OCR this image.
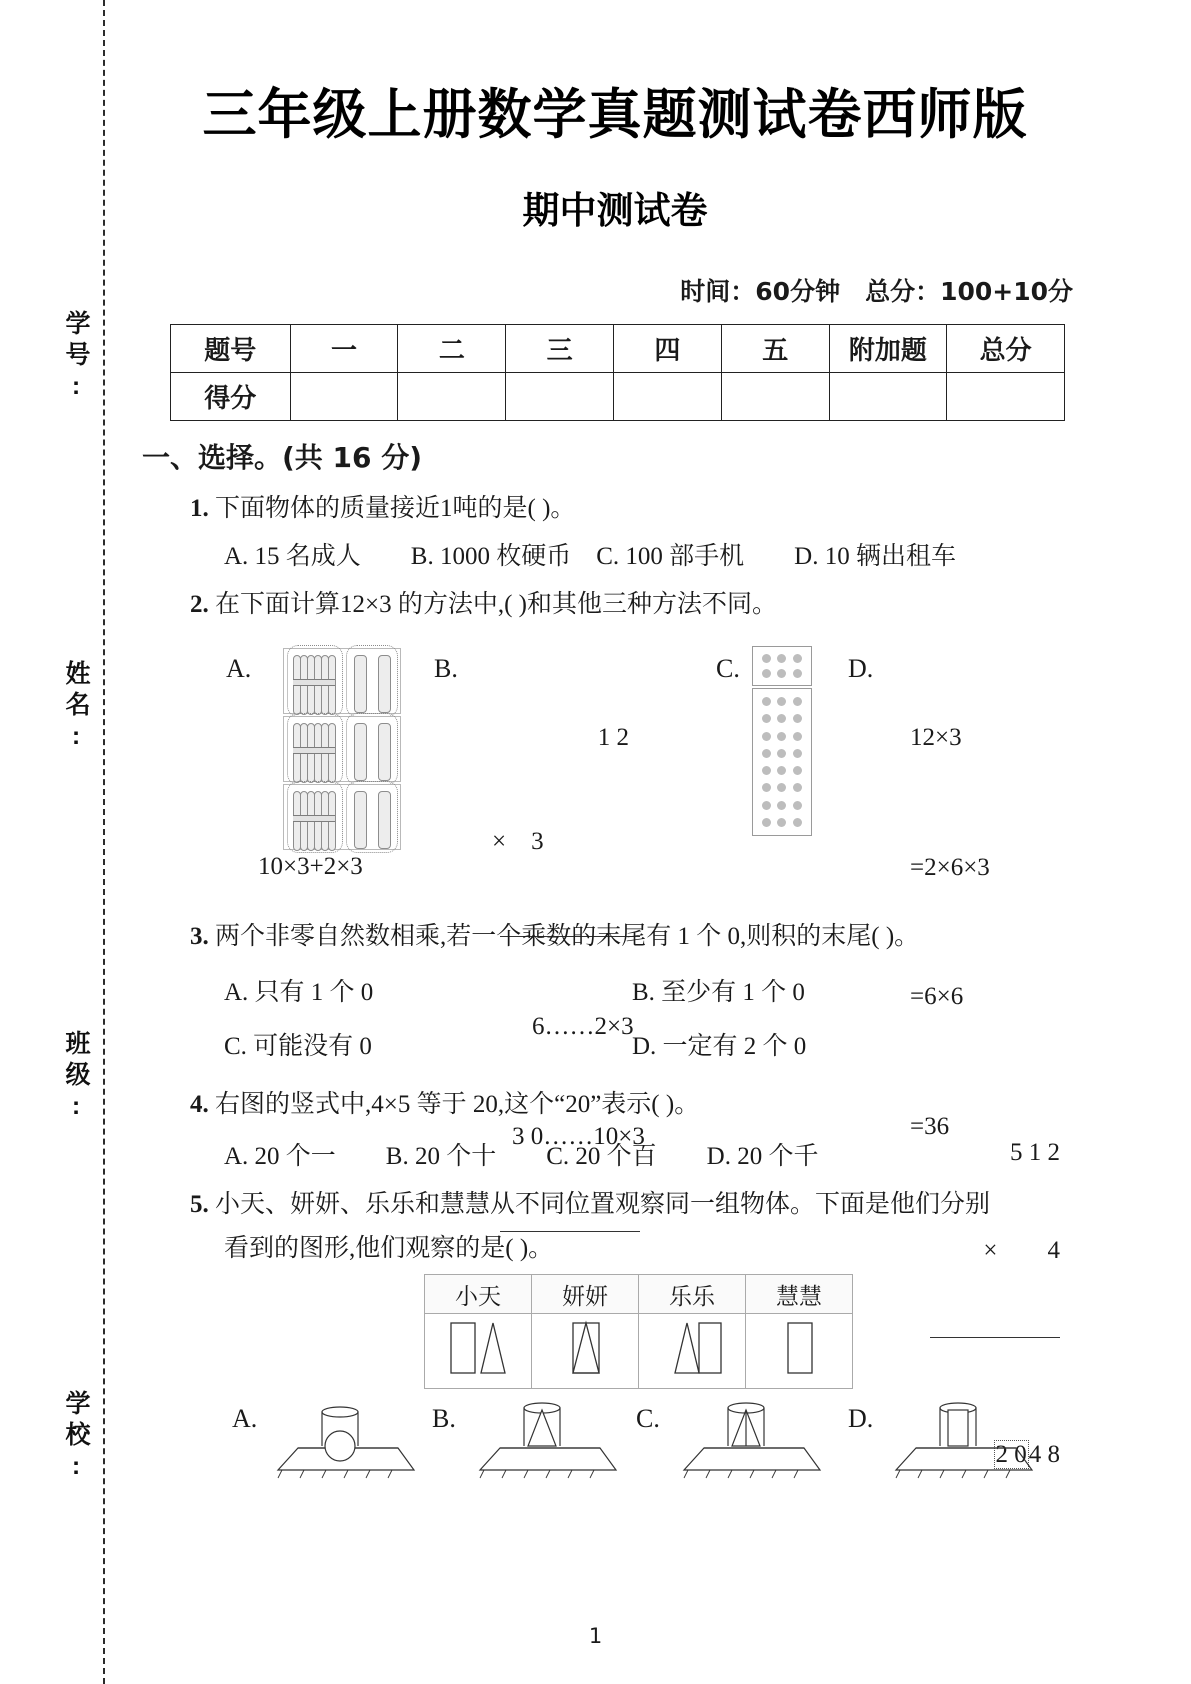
学号:
姓名:
班级:
学校:
三年级上册数学真题测试卷西师版
期中测试卷
时间：60分钟　总分：100+10分
题号	一	二	三	四	五	附加题	总分
得分							
一、选择。(共 16 分)
1. 下面物体的质量接近1吨的是( )。
A. 15 名成人　　B. 1000 枚硬币　C. 100 部手机　　D. 10 辆出租车
2. 在下面计算12×3 的方法中,( )和其他三种方法不同。
A.
10×3+2×3
B.

1 2

×    3

6……2×3

3 0……10×3

C.	D.

12×3

=2×6×3

=6×6

=36

3. 两个非零自然数相乘,若一个乘数的末尾有 1 个 0,则积的末尾( )。
A. 只有 1 个 0	B. 至少有 1 个 0
C. 可能没有 0	D. 一定有 2 个 0
4. 右图的竖式中,4×5 等于 20,这个“20”表示( )。
A. 20 个一　　B. 20 个十　　C. 20 个百　　D. 20 个千

	5 1 2

×        4

2 04 8

5. 小天、妍妍、乐乐和慧慧从不同位置观察同一组物体。下面是他们分别
看到的图形,他们观察的是( )。
小天	妍妍	乐乐	慧慧

A.	B.	C.	D.
1
